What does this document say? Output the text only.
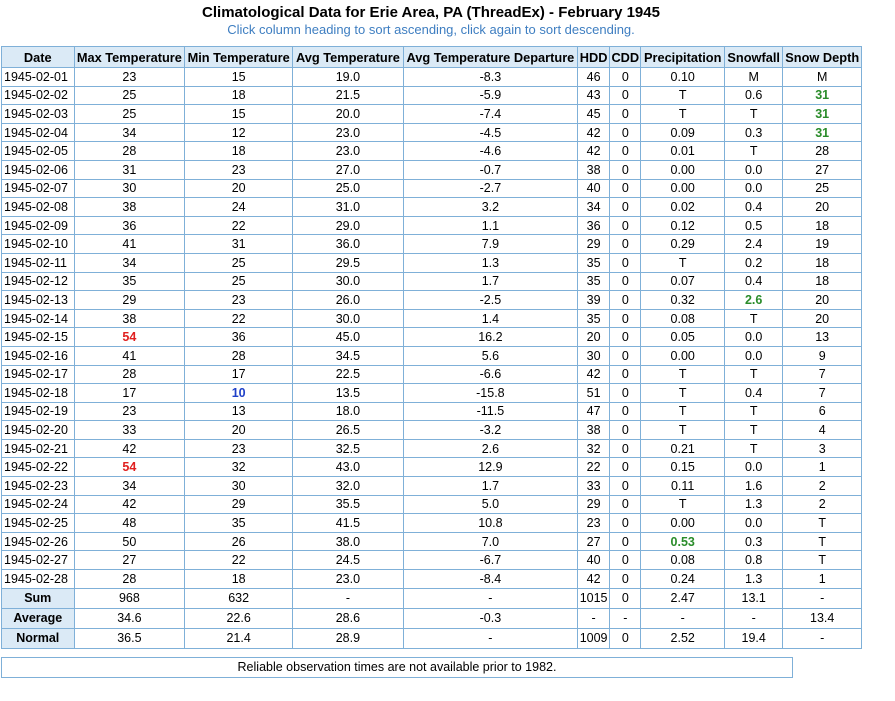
Climatological Data for Erie Area, PA (ThreadEx) - February 1945
Click column heading to sort ascending, click again to sort descending.
Date	Max Temperature	Min Temperature	Avg Temperature	Avg Temperature Departure	HDD	CDD	Precipitation	Snowfall	Snow Depth
1945-02-01	23	15	19.0	-8.3	46	0	0.10	M	M
1945-02-02	25	18	21.5	-5.9	43	0	T	0.6	31
1945-02-03	25	15	20.0	-7.4	45	0	T	T	31
1945-02-04	34	12	23.0	-4.5	42	0	0.09	0.3	31
1945-02-05	28	18	23.0	-4.6	42	0	0.01	T	28
1945-02-06	31	23	27.0	-0.7	38	0	0.00	0.0	27
1945-02-07	30	20	25.0	-2.7	40	0	0.00	0.0	25
1945-02-08	38	24	31.0	3.2	34	0	0.02	0.4	20
1945-02-09	36	22	29.0	1.1	36	0	0.12	0.5	18
1945-02-10	41	31	36.0	7.9	29	0	0.29	2.4	19
1945-02-11	34	25	29.5	1.3	35	0	T	0.2	18
1945-02-12	35	25	30.0	1.7	35	0	0.07	0.4	18
1945-02-13	29	23	26.0	-2.5	39	0	0.32	2.6	20
1945-02-14	38	22	30.0	1.4	35	0	0.08	T	20
1945-02-15	54	36	45.0	16.2	20	0	0.05	0.0	13
1945-02-16	41	28	34.5	5.6	30	0	0.00	0.0	9
1945-02-17	28	17	22.5	-6.6	42	0	T	T	7
1945-02-18	17	10	13.5	-15.8	51	0	T	0.4	7
1945-02-19	23	13	18.0	-11.5	47	0	T	T	6
1945-02-20	33	20	26.5	-3.2	38	0	T	T	4
1945-02-21	42	23	32.5	2.6	32	0	0.21	T	3
1945-02-22	54	32	43.0	12.9	22	0	0.15	0.0	1
1945-02-23	34	30	32.0	1.7	33	0	0.11	1.6	2
1945-02-24	42	29	35.5	5.0	29	0	T	1.3	2
1945-02-25	48	35	41.5	10.8	23	0	0.00	0.0	T
1945-02-26	50	26	38.0	7.0	27	0	0.53	0.3	T
1945-02-27	27	22	24.5	-6.7	40	0	0.08	0.8	T
1945-02-28	28	18	23.0	-8.4	42	0	0.24	1.3	1
Sum	968	632	-	-	1015	0	2.47	13.1	-
Average	34.6	22.6	28.6	-0.3	-	-	-	-	13.4
Normal	36.5	21.4	28.9	-	1009	0	2.52	19.4	-
Reliable observation times are not available prior to 1982.
